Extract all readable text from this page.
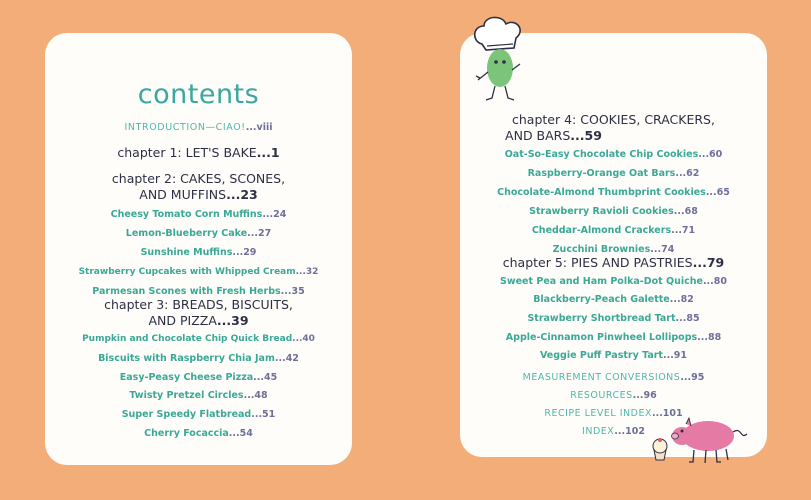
contents
INTRODUCTION—CIAO!...viii
chapter 1: LET'S BAKE...1
chapter 2: CAKES, SCONES,
AND MUFFINS...23
Cheesy Tomato Corn Muffins...24
Lemon-Blueberry Cake...27
Sunshine Muffins...29
Strawberry Cupcakes with Whipped Cream...32
Parmesan Scones with Fresh Herbs...35
chapter 3: BREADS, BISCUITS,
AND PIZZA...39
Pumpkin and Chocolate Chip Quick Bread...40
Biscuits with Raspberry Chia Jam...42
Easy-Peasy Cheese Pizza...45
Twisty Pretzel Circles...48
Super Speedy Flatbread...51
Cherry Focaccia...54
chapter 4: COOKIES, CRACKERS,
AND BARS...59
Oat-So-Easy Chocolate Chip Cookies...60
Raspberry-Orange Oat Bars...62
Chocolate-Almond Thumbprint Cookies...65
Strawberry Ravioli Cookies...68
Cheddar-Almond Crackers...71
Zucchini Brownies...74
chapter 5: PIES AND PASTRIES...79
Sweet Pea and Ham Polka-Dot Quiche...80
Blackberry-Peach Galette...82
Strawberry Shortbread Tart...85
Apple-Cinnamon Pinwheel Lollipops...88
Veggie Puff Pastry Tart...91
MEASUREMENT CONVERSIONS...95
RESOURCES...96
RECIPE LEVEL INDEX...101
INDEX...102
